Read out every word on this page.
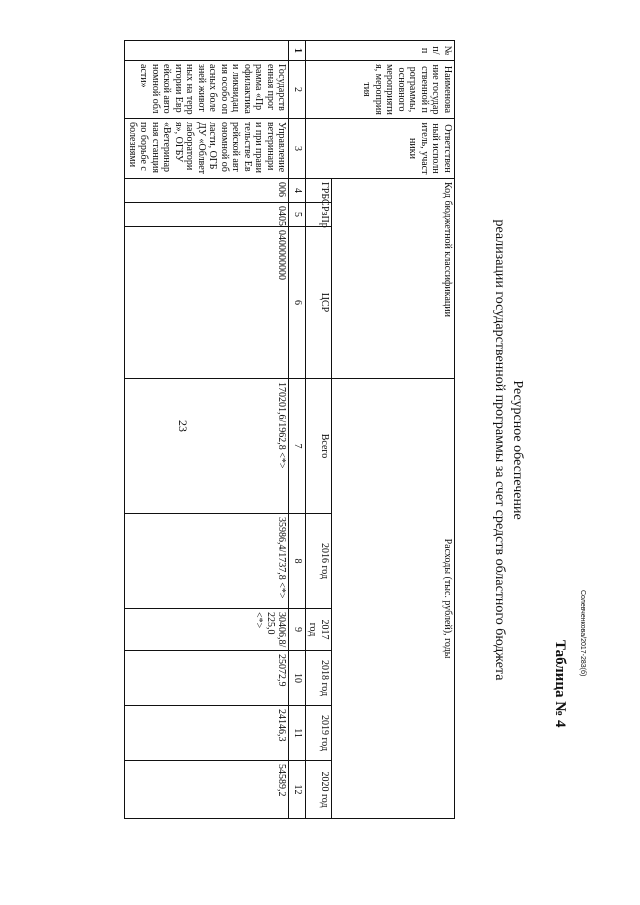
Солевченкова/2017-283(б)
Таблица № 4
23	Ресурсное обеспечение
реализации государственной программы за счет средств областного бюджета
№ п/п	Наименование государственной программы, основного мероприятия, мероприятия	Ответственный исполнитель, участники	Код бюджетной классификации			Расходы (тыс. рублей), годы					
			ГРБС	РзПр	ЦСР	Всего	2016 год	2017 год	2018 год	2019 год	2020 год
1	2	3	4	5	6	7	8	9	10	11	12
	Государственная программа «Профилактика и ликвидация особо опасных болезней животных на территории Еврейской автономной области»	Управление ветеринарии при правительстве Еврейской автономной области, ОГБДУ «Облветлаборатория», ОГБУ «Ветеринарная станция по борьбе с болезнями	006	0405	0400000000	170201,6/1962,8 <*>	35986,4/1737,8 <*>	30406,8/ 225,0 <*>	25072,9	24146,3	54589,2
